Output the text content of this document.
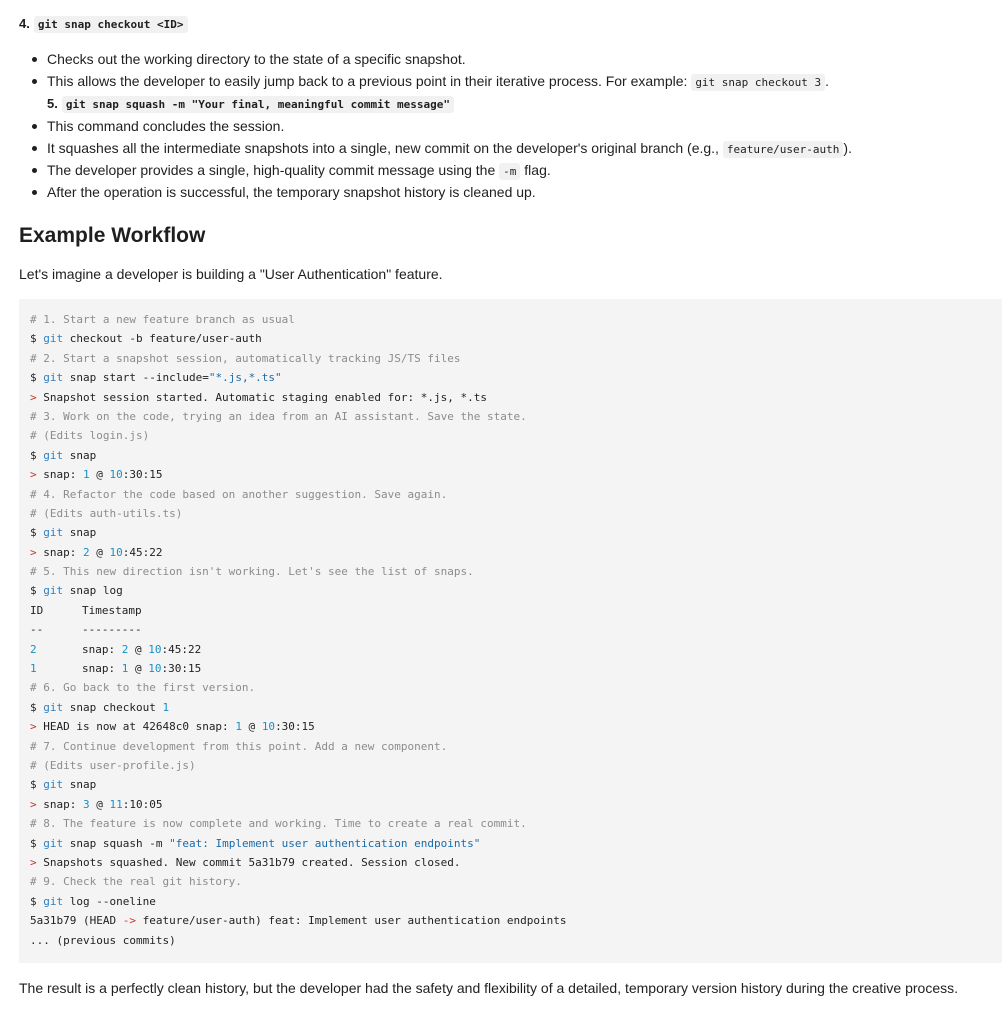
4. git snap checkout <ID>
Checks out the working directory to the state of a specific snapshot.
This allows the developer to easily jump back to a previous point in their iterative process. For example: git snap checkout 3 .
5. git snap squash -m "Your final, meaningful commit message"
This command concludes the session.
It squashes all the intermediate snapshots into a single, new commit on the developer's original branch (e.g., feature/user-auth ).
The developer provides a single, high-quality commit message using the -m flag.
After the operation is successful, the temporary snapshot history is cleaned up.
Example Workflow

Let's imagine a developer is building a "User Authentication" feature.

# 1. Start a new feature branch as usual
$ git checkout -b feature/user-auth
# 2. Start a snapshot session, automatically tracking JS/TS files
$ git snap start --include="*.js,*.ts"
> Snapshot session started. Automatic staging enabled for: *.js, *.ts
# 3. Work on the code, trying an idea from an AI assistant. Save the state.
# (Edits login.js)
$ git snap
> snap: 1 @ 10:30:15
# 4. Refactor the code based on another suggestion. Save again.
# (Edits auth-utils.ts)
$ git snap
> snap: 2 @ 10:45:22
# 5. This new direction isn't working. Let's see the list of snaps.
$ git snap log
ID	Timestamp
--	---------
2	snap: 2 @ 10:45:22
1	snap: 1 @ 10:30:15
# 6. Go back to the first version.
$ git snap checkout 1
> HEAD is now at 42648c0 snap: 1 @ 10:30:15
# 7. Continue development from this point. Add a new component.
# (Edits user-profile.js)
$ git snap
> snap: 3 @ 11:10:05
# 8. The feature is now complete and working. Time to create a real commit.
$ git snap squash -m "feat: Implement user authentication endpoints"
> Snapshots squashed. New commit 5a31b79 created. Session closed.
# 9. Check the real git history.
$ git log --oneline
5a31b79 (HEAD -> feature/user-auth) feat: Implement user authentication endpoints
... (previous commits)

The result is a perfectly clean history, but the developer had the safety and flexibility of a detailed, temporary version history during the creative process.
